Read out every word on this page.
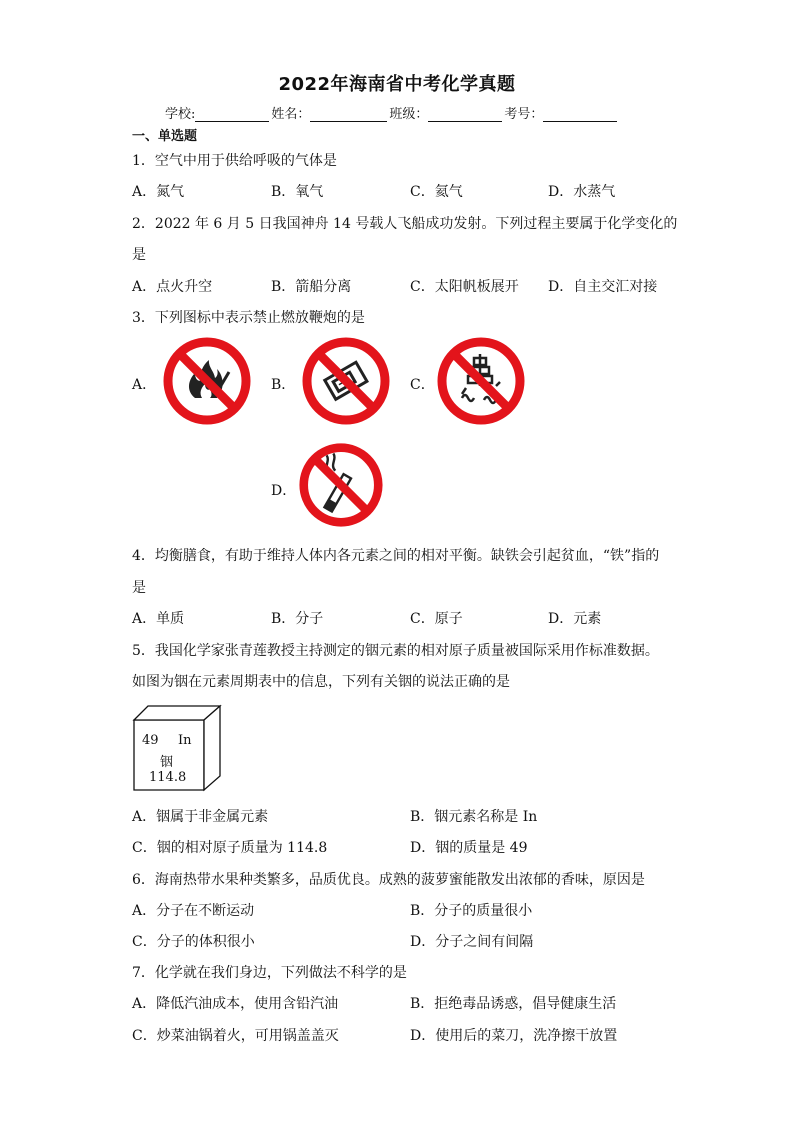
2022年海南省中考化学真题
学校:	姓名：	班级：	考号：
一、单选题
1．空气中用于供给呼吸的气体是
A．氮气	B．氧气	C．氦气	D．水蒸气
2．2022 年 6 月 5 日我国神舟 14 号载人飞船成功发射。下列过程主要属于化学变化的
是
A．点火升空	B．箭船分离	C．太阳帆板展开 D．自主交汇对接
3．下列图标中表示禁止燃放鞭炮的是
A．	B．	C．
D．
4．均衡膳食，有助于维持人体内各元素之间的相对平衡。缺铁会引起贫血，“铁”指的
是
A．单质	B．分子	C．原子	D．元素
5．我国化学家张青莲教授主持测定的铟元素的相对原子质量被国际采用作标准数据。
如图为铟在元素周期表中的信息，下列有关铟的说法正确的是
49 In
铟
114.8
A．铟属于非金属元素	B．铟元素名称是 In
C．铟的相对原子质量为 114.8	D．铟的质量是 49
6．海南热带水果种类繁多，品质优良。成熟的菠萝蜜能散发出浓郁的香味，原因是
A．分子在不断运动	B．分子的质量很小
C．分子的体积很小	D．分子之间有间隔
7．化学就在我们身边，下列做法不科学的是
A．降低汽油成本，使用含铅汽油	B．拒绝毒品诱惑，倡导健康生活
C．炒菜油锅着火，可用锅盖盖灭	D．使用后的菜刀，洗净擦干放置
